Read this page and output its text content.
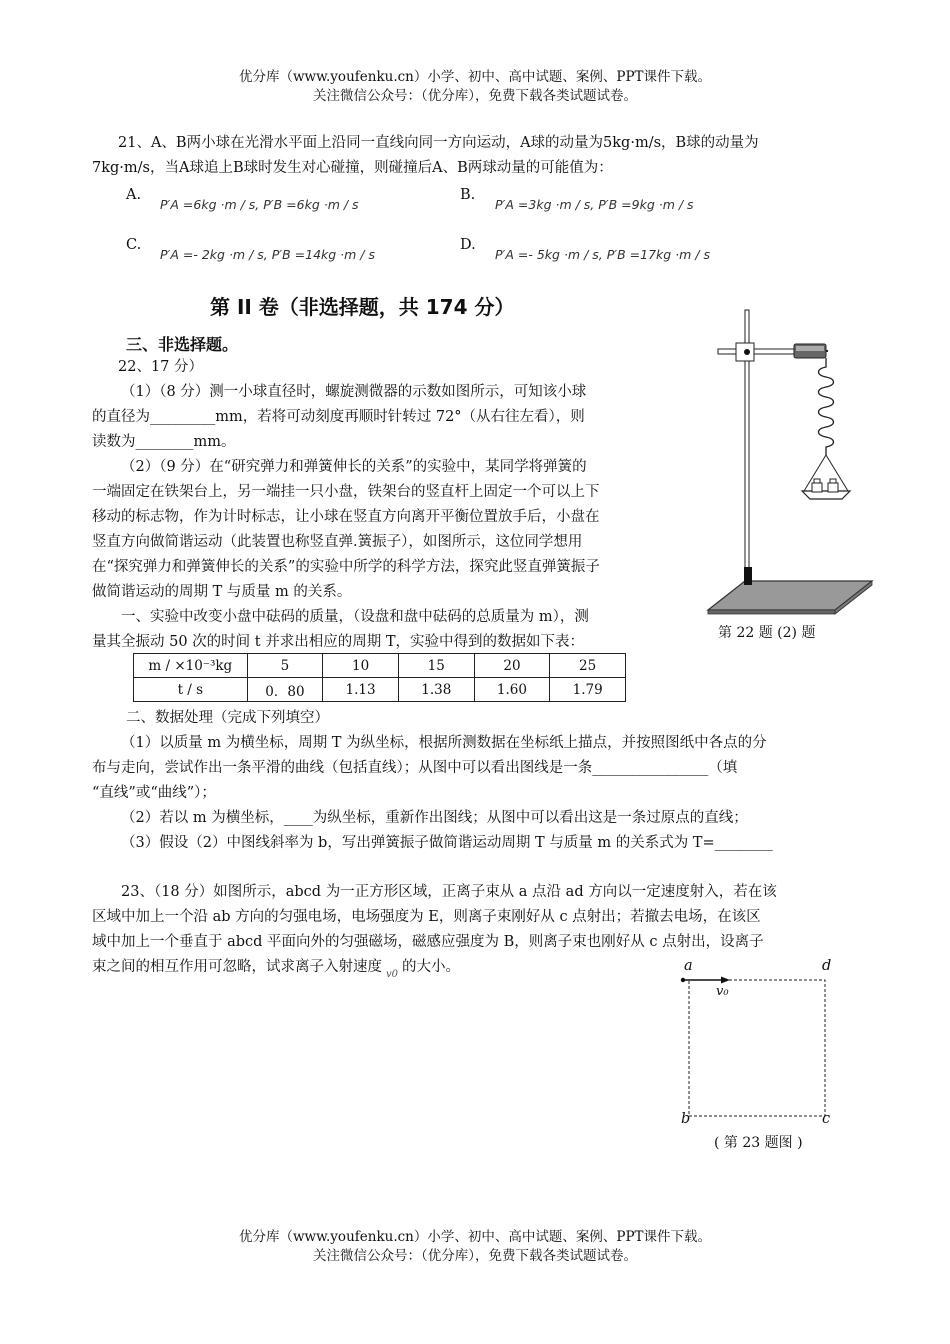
优分库（www.youfenku.cn）小学、初中、高中试题、案例、PPT课件下载。
关注微信公众号：（优分库），免费下载各类试题试卷。
21、A、B两小球在光滑水平面上沿同一直线向同一方向运动，A球的动量为5kg·m/s，B球的动量为
7kg·m/s，当A球追上B球时发生对心碰撞，则碰撞后A、B两球动量的可能值为：
A.
P′A =6kg ·m / s, P′B =6kg ·m / s
B.
P′A =3kg ·m / s, P′B =9kg ·m / s
C.
P′A =- 2kg ·m / s, P′B =14kg ·m / s
D.
P′A =- 5kg ·m / s, P′B =17kg ·m / s
第 II 卷（非选择题，共 174 分）
三、非选择题。
22、17 分）
（1）（8 分）测一小球直径时，螺旋测微器的示数如图所示，可知该小球
的直径为_________mm，若将可动刻度再顺时针转过 72°（从右往左看），则
读数为________mm。
（2）（9 分）在“研究弹力和弹簧伸长的关系”的实验中，某同学将弹簧的
一端固定在铁架台上，另一端挂一只小盘，铁架台的竖直杆上固定一个可以上下
移动的标志物，作为计时标志，让小球在竖直方向离开平衡位置放手后，小盘在
竖直方向做简谐运动（此装置也称竖直弹.簧振子），如图所示，这位同学想用
在“探究弹力和弹簧伸长的关系”的实验中所学的科学方法，探究此竖直弹簧振子
做简谐运动的周期 T 与质量 m 的关系。
一、实验中改变小盘中砝码的质量，（设盘和盘中砝码的总质量为 m），测
量其全振动 50 次的时间 t 并求出相应的周期 T，实验中得到的数据如下表：
第 22 题 (2) 题
m / ×10⁻³kg	5	10	15	20	25
t / s	0．80	1.13	1.38	1.60	1.79
二、数据处理（完成下列填空）
（1）以质量 m 为横坐标，周期 T 为纵坐标，根据所测数据在坐标纸上描点，并按照图纸中各点的分
布与走向，尝试作出一条平滑的曲线（包括直线）；从图中可以看出图线是一条________________（填
“直线”或“曲线”）；
（2）若以 m 为横坐标，____为纵坐标，重新作出图线；从图中可以看出这是一条过原点的直线；
（3）假设（2）中图线斜率为 b，写出弹簧振子做简谐运动周期 T 与质量 m 的关系式为 T=________
23、（18 分）如图所示，abcd 为一正方形区域，正离子束从 a 点沿 ad 方向以一定速度射入，若在该
区域中加上一个沿 ab 方向的匀强电场，电场强度为 E，则离子束刚好从 c 点射出；若撤去电场，在该区
域中加上一个垂直于 abcd 平面向外的匀强磁场，磁感应强度为 B，则离子束也刚好从 c 点射出，设离子
束之间的相互作用可忽略，试求离子入射速度 $_{v0}$ 的大小。	a	d
v₀
b	c
( 第 23 题图 )
优分库（www.youfenku.cn）小学、初中、高中试题、案例、PPT课件下载。
关注微信公众号：（优分库），免费下载各类试题试卷。
